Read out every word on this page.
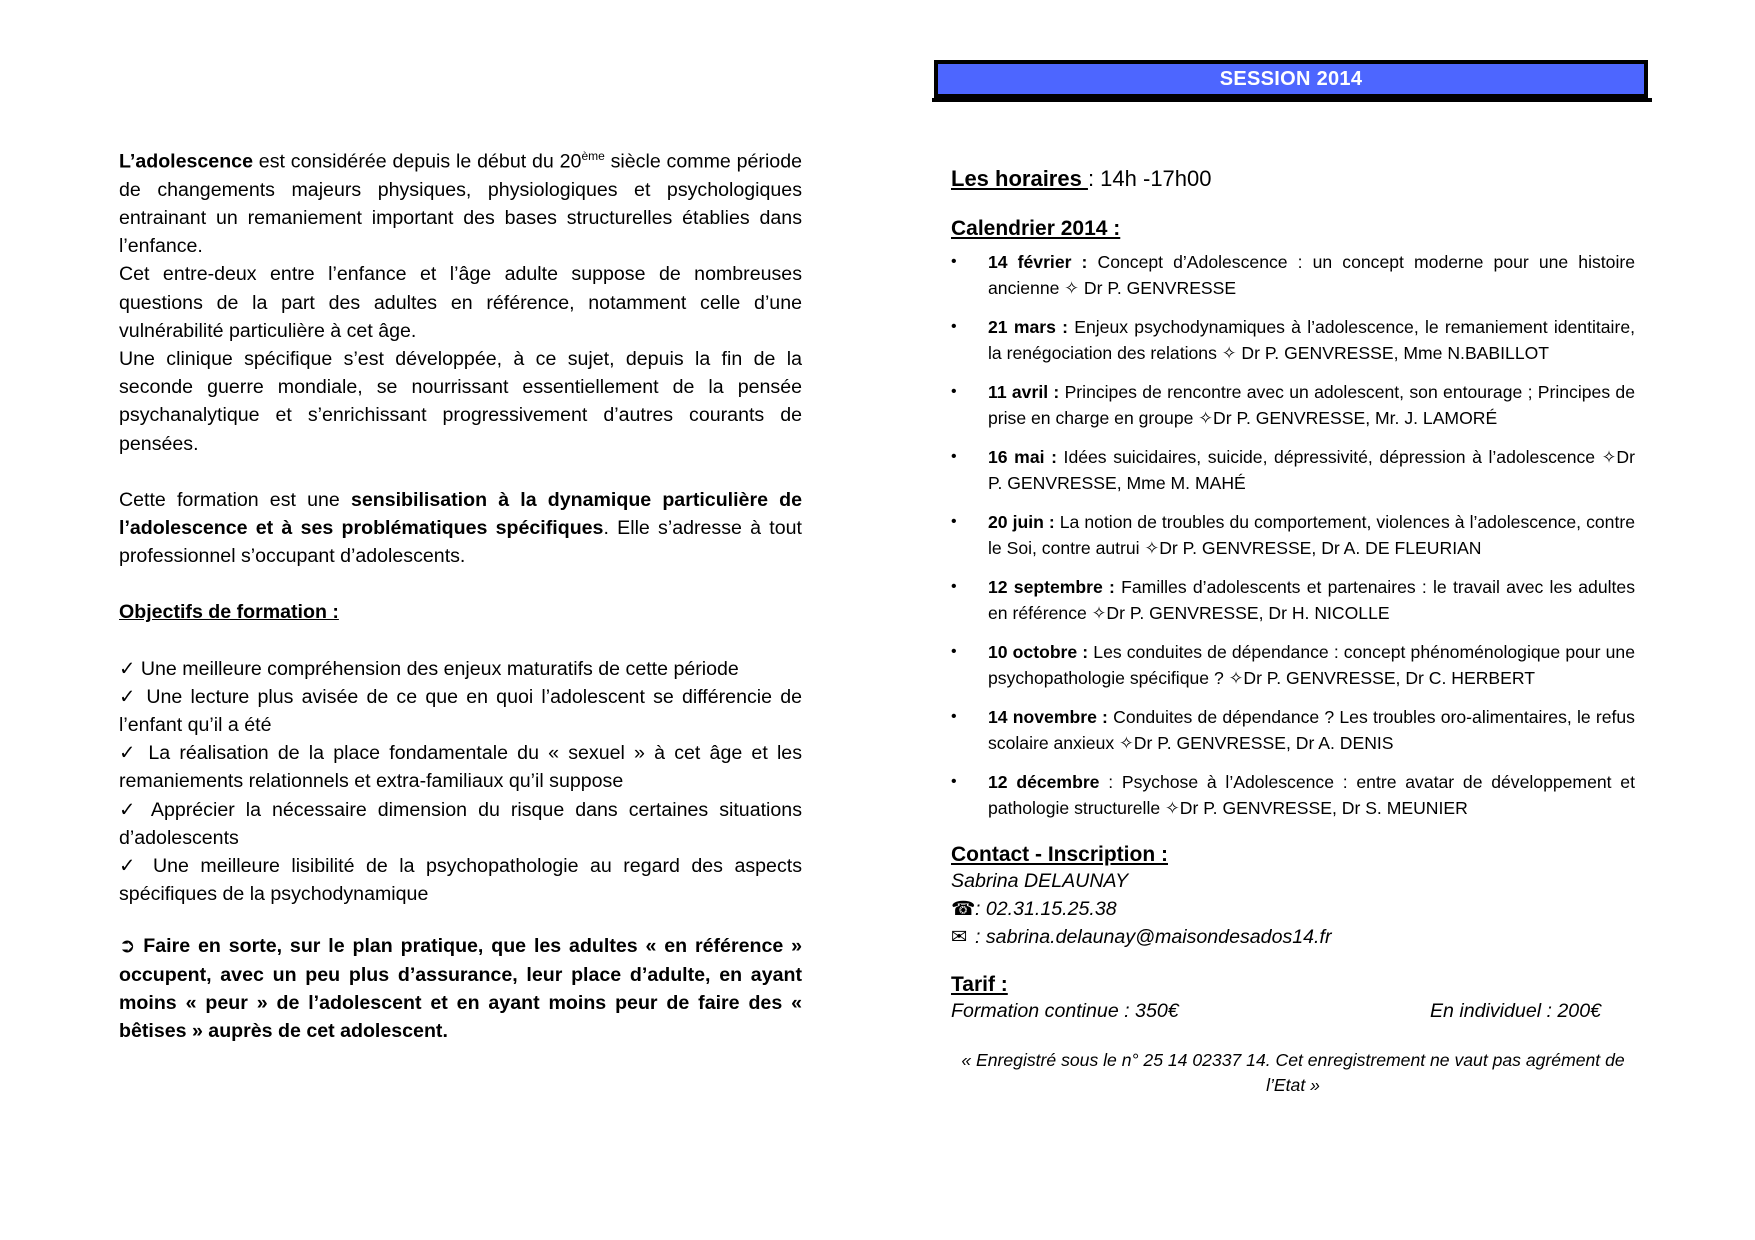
L’adolescence est considérée depuis le début du 20ème siècle comme période de changements majeurs physiques, physiologiques et psychologiques entrainant un remaniement important des bases structurelles établies dans l’enfance.

Cet entre-deux entre l’enfance et l’âge adulte suppose de nombreuses questions de la part des adultes en référence, notamment celle d’une vulnérabilité particulière à cet âge.

Une clinique spécifique s’est développée, à ce sujet, depuis la fin de la seconde guerre mondiale, se nourrissant essentiellement de la pensée psychanalytique et s’enrichissant progressivement d’autres courants de pensées.

Cette formation est une sensibilisation à la dynamique particulière de l’adolescence et à ses problématiques spécifiques. Elle s’adresse à tout professionnel s’occupant d’adolescents.

Objectifs de formation :

✓ Une meilleure compréhension des enjeux maturatifs de cette période

✓ Une lecture plus avisée de ce que en quoi l’adolescent se différencie de l’enfant qu’il a été

✓ La réalisation de la place fondamentale du « sexuel » à cet âge et les remaniements relationnels et extra-familiaux qu’il suppose

✓ Apprécier la nécessaire dimension du risque dans certaines situations d’adolescents

✓ Une meilleure lisibilité de la psychopathologie au regard des aspects spécifiques de la psychodynamique

➲ Faire en sorte, sur le plan pratique, que les adultes « en référence » occupent, avec un peu plus d’assurance, leur place d’adulte, en ayant moins « peur » de l’adolescent et en ayant moins peur de faire des « bêtises » auprès de cet adolescent.

SESSION 2014
Les horaires : 14h -17h00
Calendrier 2014 :
•	14 février : Concept d’Adolescence : un concept moderne pour une histoire ancienne ✧ Dr P. GENVRESSE
•	21 mars : Enjeux psychodynamiques à l’adolescence, le remaniement identitaire, la renégociation des relations ✧ Dr P. GENVRESSE, Mme N.BABILLOT
•	11 avril : Principes de rencontre avec un adolescent, son entourage ; Principes de prise en charge en groupe ✧Dr P. GENVRESSE, Mr. J. LAMORÉ
•	16 mai : Idées suicidaires, suicide, dépressivité, dépression à l’adolescence ✧Dr P. GENVRESSE, Mme M. MAHÉ
•	20 juin : La notion de troubles du comportement, violences à l’adolescence, contre le Soi, contre autrui ✧Dr P. GENVRESSE, Dr A. DE FLEURIAN
•	12 septembre : Familles d’adolescents et partenaires : le travail avec les adultes en référence ✧Dr P. GENVRESSE, Dr H. NICOLLE
•	10 octobre : Les conduites de dépendance : concept phénoménologique pour une psychopathologie spécifique ? ✧Dr P. GENVRESSE, Dr C. HERBERT
•	14 novembre : Conduites de dépendance ? Les troubles oro-alimentaires, le refus scolaire anxieux ✧Dr P. GENVRESSE, Dr A. DENIS
•	12 décembre : Psychose à l’Adolescence : entre avatar de développement et pathologie structurelle ✧Dr P. GENVRESSE, Dr S. MEUNIER
Contact - Inscription :
Sabrina DELAUNAY
☎: 02.31.15.25.38
✉ : sabrina.delaunay@maisondesados14.fr
Tarif :
Formation continue : 350€	En individuel : 200€
« Enregistré sous le n° 25 14 02337 14. Cet enregistrement ne vaut pas agrément de l’Etat »
